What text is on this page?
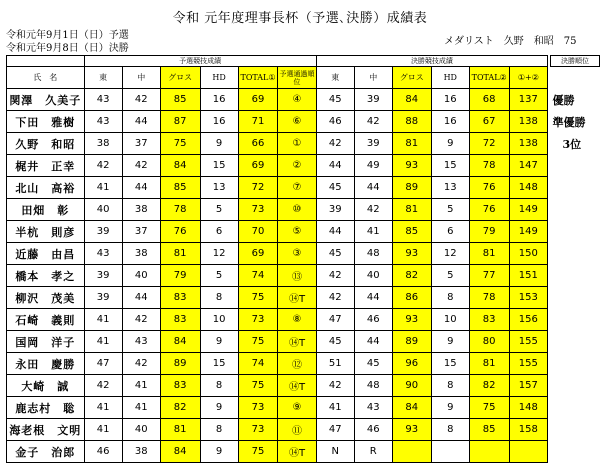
令和 元年度理事長杯（予選､決勝）成績表
令和元年9月1日（日）予選
令和元年9月8日（日）決勝
メダリスト　久野　和昭　75
	予選競技成績						決勝競技成績							決勝順位
氏　名	東	中	グロス	HD	TOTAL①	予選通過順位	東	中	グロス	HD	TOTAL②	①+②		
関澤　久美子	43	42	85	16	69	④	45	39	84	16	68	137		優勝
下田　雅樹	43	44	87	16	71	⑥	46	42	88	16	67	138		準優勝
久野　和昭	38	37	75	9	66	①	42	39	81	9	72	138		3位
梶井　正幸	42	42	84	15	69	②	44	49	93	15	78	147		
北山　高裕	41	44	85	13	72	⑦	45	44	89	13	76	148		
田畑　彰	40	38	78	5	73	⑩	39	42	81	5	76	149		
半杭　則彦	39	37	76	6	70	⑤	44	41	85	6	79	149		
近藤　由昌	43	38	81	12	69	③	45	48	93	12	81	150		
橋本　孝之	39	40	79	5	74	⑬	42	40	82	5	77	151		
柳沢　茂美	39	44	83	8	75	⑭T	42	44	86	8	78	153		
石崎　義則	41	42	83	10	73	⑧	47	46	93	10	83	156		
国岡　洋子	41	43	84	9	75	⑭T	45	44	89	9	80	155		
永田　慶勝	47	42	89	15	74	⑫	51	45	96	15	81	155		
大崎　誠	42	41	83	8	75	⑭T	42	48	90	8	82	157		
鹿志村　聡	41	41	82	9	73	⑨	41	43	84	9	75	148		
海老根　文明	41	40	81	8	73	⑪	47	46	93	8	85	158		
金子　治郎	46	38	84	9	75	⑭T	N	R						
